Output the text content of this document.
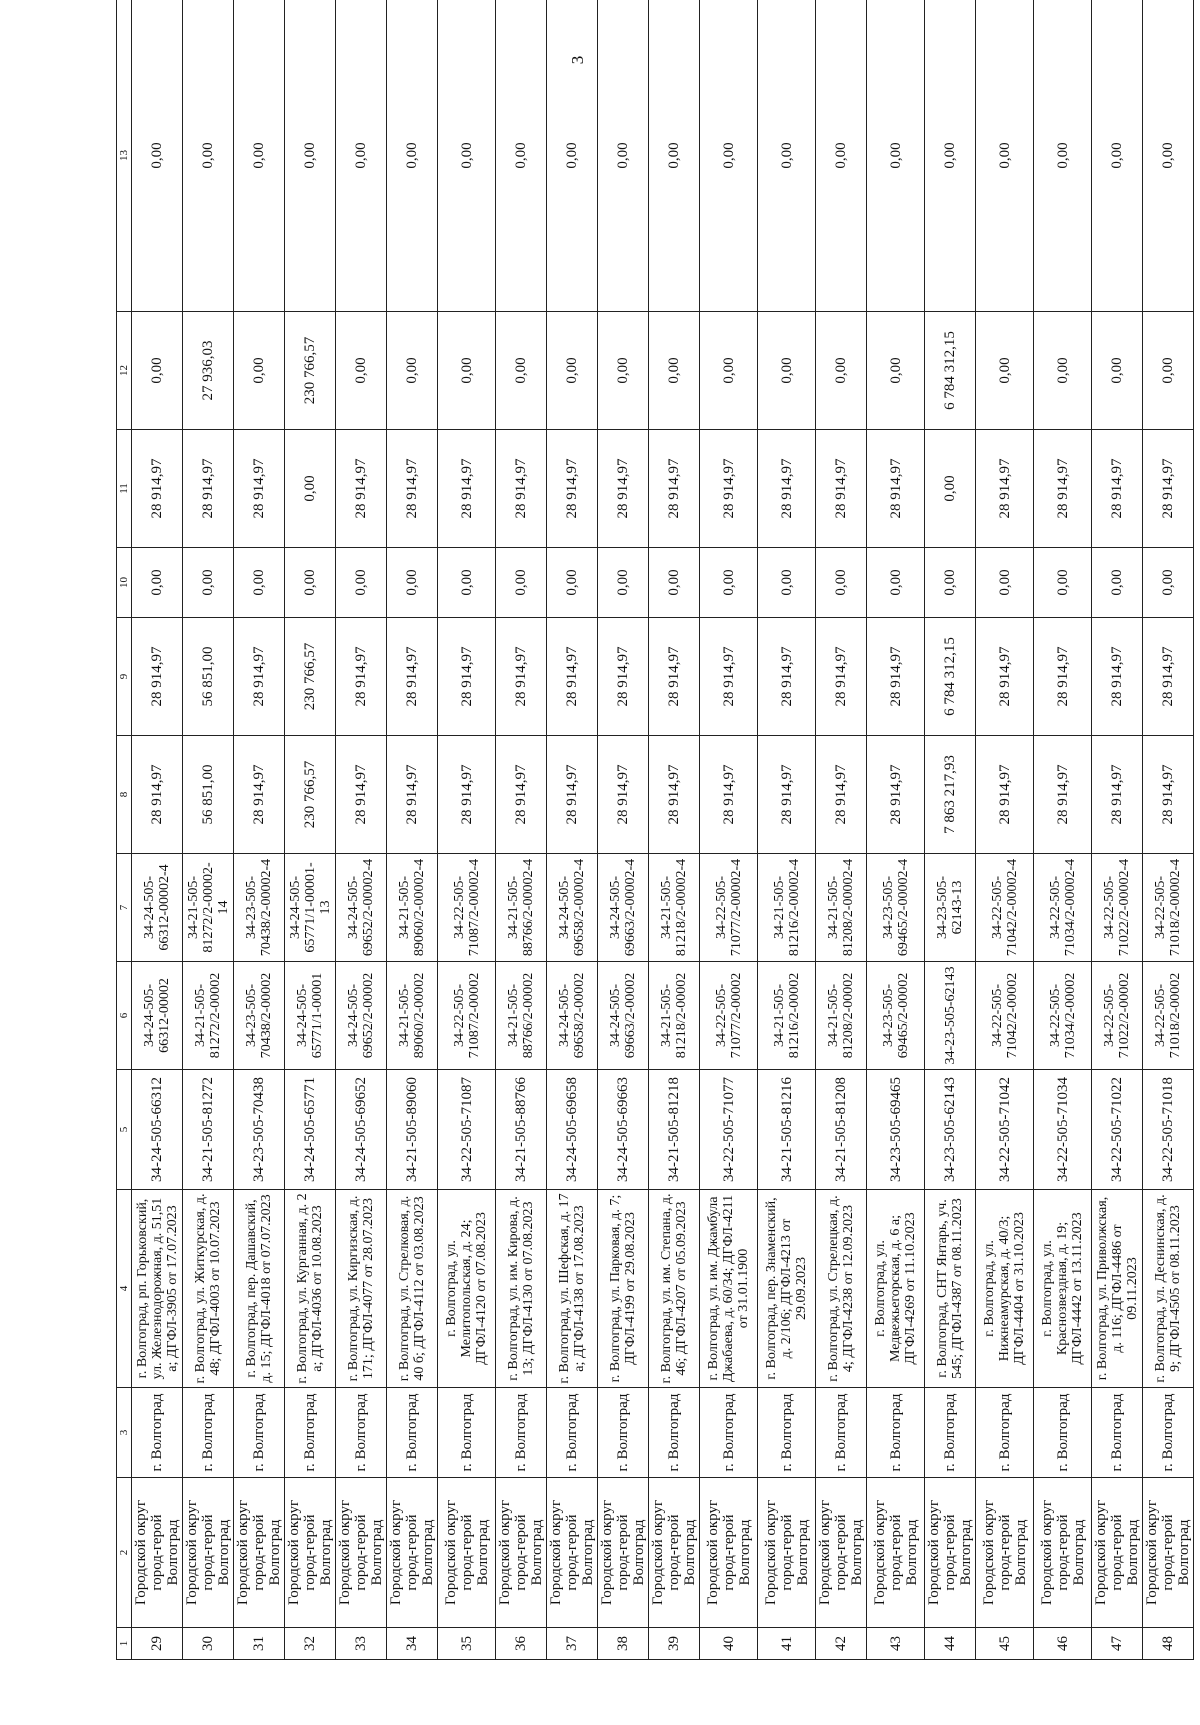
3
1	2	3	4	5	6	7	8	9	10	11	12	13
29	Городской округ город-герой Волгоград	г. Волгоград	г. Волгоград, рп. Горьковский, ул. Железнодорожная, д. 51,51 а; ДГФЛ-3905 от 17.07.2023	34-24-505-66312	34-24-505-66312-00002	34-24-505-66312-00002-4	28 914,97	28 914,97	0,00	28 914,97	0,00	0,00
30	Городской округ город-герой Волгоград	г. Волгоград	г. Волгоград, ул. Житкурская, д. 48; ДГФЛ-4003 от 10.07.2023	34-21-505-81272	34-21-505-81272/2-00002	34-21-505-81272/2-00002-14	56 851,00	56 851,00	0,00	28 914,97	27 936,03	0,00
31	Городской округ город-герой Волгоград	г. Волгоград	г. Волгоград, пер. Дашавский, д. 15; ДГФЛ-4018 от 07.07.2023	34-23-505-70438	34-23-505-70438/2-00002	34-23-505-70438/2-00002-4	28 914,97	28 914,97	0,00	28 914,97	0,00	0,00
32	Городской округ город-герой Волгоград	г. Волгоград	г. Волгоград, ул. Курганная, д. 2 а; ДГФЛ-4036 от 10.08.2023	34-24-505-65771	34-24-505-65771/1-00001	34-24-505-65771/1-00001-13	230 766,57	230 766,57	0,00	0,00	230 766,57	0,00
33	Городской округ город-герой Волгоград	г. Волгоград	г. Волгоград, ул. Киргизская, д. 171; ДГФЛ-4077 от 28.07.2023	34-24-505-69652	34-24-505-69652/2-00002	34-24-505-69652/2-00002-4	28 914,97	28 914,97	0,00	28 914,97	0,00	0,00
34	Городской округ город-герой Волгоград	г. Волгоград	г. Волгоград, ул. Стрелковая, д. 40 б; ДГФЛ-4112 от 03.08.2023	34-21-505-89060	34-21-505-89060/2-00002	34-21-505-89060/2-00002-4	28 914,97	28 914,97	0,00	28 914,97	0,00	0,00
35	Городской округ город-герой Волгоград	г. Волгоград	г. Волгоград, ул. Мелитопольская, д. 24; ДГФЛ-4120 от 07.08.2023	34-22-505-71087	34-22-505-71087/2-00002	34-22-505-71087/2-00002-4	28 914,97	28 914,97	0,00	28 914,97	0,00	0,00
36	Городской округ город-герой Волгоград	г. Волгоград	г. Волгоград, ул. им. Кирова, д. 13; ДГФЛ-4130 от 07.08.2023	34-21-505-88766	34-21-505-88766/2-00002	34-21-505-88766/2-00002-4	28 914,97	28 914,97	0,00	28 914,97	0,00	0,00
37	Городской округ город-герой Волгоград	г. Волгоград	г. Волгоград, ул. Шефская, д. 17 а; ДГФЛ-4138 от 17.08.2023	34-24-505-69658	34-24-505-69658/2-00002	34-24-505-69658/2-00002-4	28 914,97	28 914,97	0,00	28 914,97	0,00	0,00
38	Городской округ город-герой Волгоград	г. Волгоград	г. Волгоград, ул. Парковая, д. 7; ДГФЛ-4199 от 29.08.2023	34-24-505-69663	34-24-505-69663/2-00002	34-24-505-69663/2-00002-4	28 914,97	28 914,97	0,00	28 914,97	0,00	0,00
39	Городской округ город-герой Волгоград	г. Волгоград	г. Волгоград, ул. им. Степана, д. 46; ДГФЛ-4207 от 05.09.2023	34-21-505-81218	34-21-505-81218/2-00002	34-21-505-81218/2-00002-4	28 914,97	28 914,97	0,00	28 914,97	0,00	0,00
40	Городской округ город-герой Волгоград	г. Волгоград	г. Волгоград, ул. им. Джамбула Джабаева, д. 60/34; ДГФЛ-4211 от 31.01.1900	34-22-505-71077	34-22-505-71077/2-00002	34-22-505-71077/2-00002-4	28 914,97	28 914,97	0,00	28 914,97	0,00	0,00
41	Городской округ город-герой Волгоград	г. Волгоград	г. Волгоград, пер. Знаменский, д. 2/106; ДГФЛ-4213 от 29.09.2023	34-21-505-81216	34-21-505-81216/2-00002	34-21-505-81216/2-00002-4	28 914,97	28 914,97	0,00	28 914,97	0,00	0,00
42	Городской округ город-герой Волгоград	г. Волгоград	г. Волгоград, ул. Стрелецкая, д. 4; ДГФЛ-4238 от 12.09.2023	34-21-505-81208	34-21-505-81208/2-00002	34-21-505-81208/2-00002-4	28 914,97	28 914,97	0,00	28 914,97	0,00	0,00
43	Городской округ город-герой Волгоград	г. Волгоград	г. Волгоград, ул. Медвежьегорская, д. 6 а; ДГФЛ-4269 от 11.10.2023	34-23-505-69465	34-23-505-69465/2-00002	34-23-505-69465/2-00002-4	28 914,97	28 914,97	0,00	28 914,97	0,00	0,00
44	Городской округ город-герой Волгоград	г. Волгоград	г. Волгоград, СНТ Янтарь, уч. 545; ДГФЛ-4387 от 08.11.2023	34-23-505-62143	34-23-505-62143	34-23-505-62143-13	7 863 217,93	6 784 312,15	0,00	0,00	6 784 312,15	0,00
45	Городской округ город-герой Волгоград	г. Волгоград	г. Волгоград, ул. Нижнеамурская, д. 40/3; ДГФЛ-4404 от 31.10.2023	34-22-505-71042	34-22-505-71042/2-00002	34-22-505-71042/2-00002-4	28 914,97	28 914,97	0,00	28 914,97	0,00	0,00
46	Городской округ город-герой Волгоград	г. Волгоград	г. Волгоград, ул. Краснозвездная, д. 19; ДГФЛ-4442 от 13.11.2023	34-22-505-71034	34-22-505-71034/2-00002	34-22-505-71034/2-00002-4	28 914,97	28 914,97	0,00	28 914,97	0,00	0,00
47	Городской округ город-герой Волгоград	г. Волгоград	г. Волгоград, ул. Приволжская, д. 116; ДГФЛ-4486 от 09.11.2023	34-22-505-71022	34-22-505-71022/2-00002	34-22-505-71022/2-00002-4	28 914,97	28 914,97	0,00	28 914,97	0,00	0,00
48	Городской округ город-герой Волгоград	г. Волгоград	г. Волгоград, ул. Деснинская, д. 9; ДГФЛ-4505 от 08.11.2023	34-22-505-71018	34-22-505-71018/2-00002	34-22-505-71018/2-00002-4	28 914,97	28 914,97	0,00	28 914,97	0,00	0,00
